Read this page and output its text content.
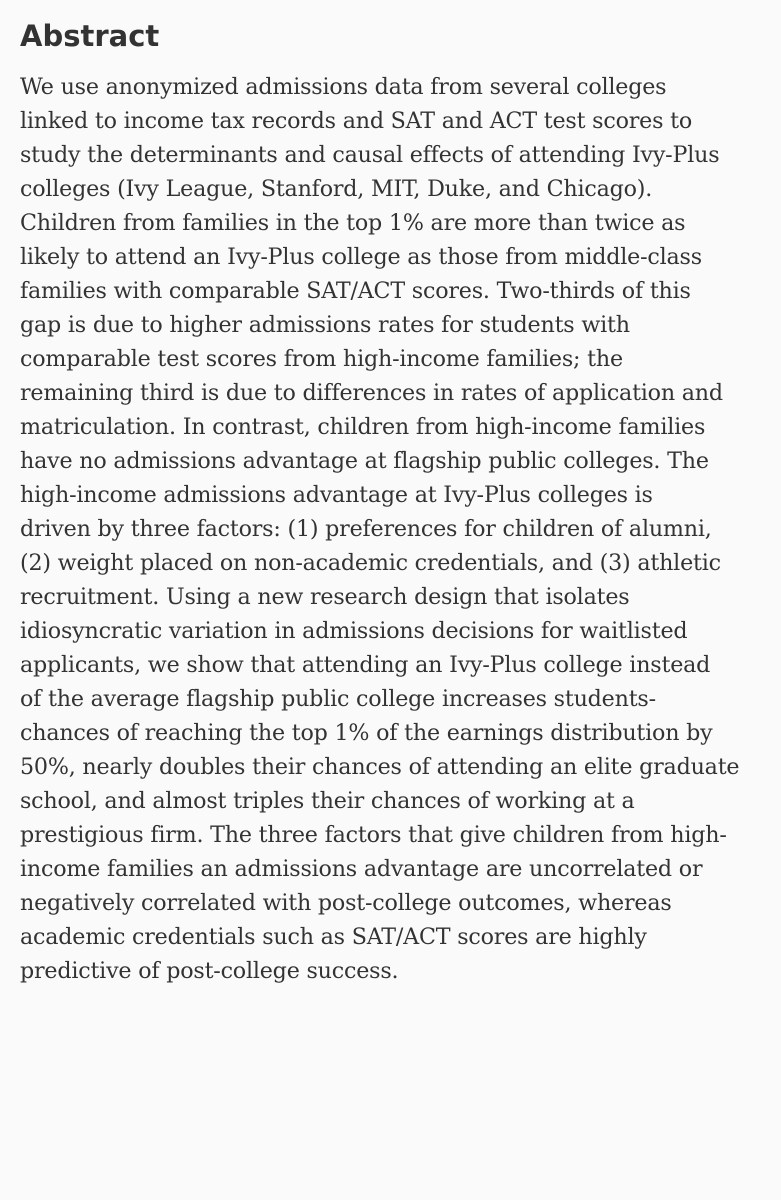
Abstract
We use anonymized admissions data from several colleges
linked to income tax records and SAT and ACT test scores to
study the determinants and causal effects of attending Ivy-Plus
colleges (Ivy League, Stanford, MIT, Duke, and Chicago).
Children from families in the top 1% are more than twice as
likely to attend an Ivy-Plus college as those from middle-class
families with comparable SAT/ACT scores. Two-thirds of this
gap is due to higher admissions rates for students with
comparable test scores from high-income families; the
remaining third is due to differences in rates of application and
matriculation. In contrast, children from high-income families
have no admissions advantage at flagship public colleges. The
high-income admissions advantage at Ivy-Plus colleges is
driven by three factors: (1) preferences for children of alumni,
(2) weight placed on non-academic credentials, and (3) athletic
recruitment. Using a new research design that isolates
idiosyncratic variation in admissions decisions for waitlisted
applicants, we show that attending an Ivy-Plus college instead
of the average flagship public college increases students-
chances of reaching the top 1% of the earnings distribution by
50%, nearly doubles their chances of attending an elite graduate
school, and almost triples their chances of working at a
prestigious firm. The three factors that give children from high-
income families an admissions advantage are uncorrelated or
negatively correlated with post-college outcomes, whereas
academic credentials such as SAT/ACT scores are highly
predictive of post-college success.
